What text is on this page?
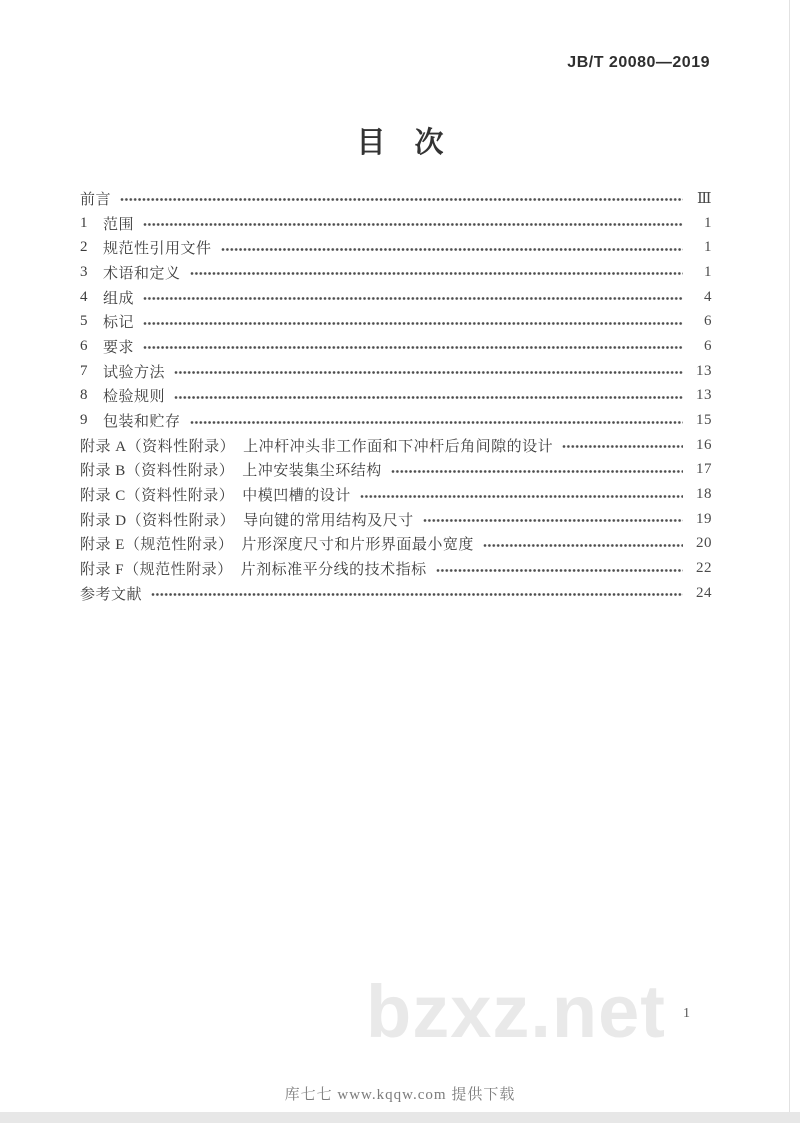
JB/T 20080—2019
目　次
前言	Ⅲ
1	范围	1
2	规范性引用文件	1
3	术语和定义	1
4	组成	4
5	标记	6
6	要求	6
7	试验方法	13
8	检验规则	13
9	包装和贮存	15
附录 A（资料性附录）　上冲杆冲头非工作面和下冲杆后角间隙的设计	16
附录 B（资料性附录）　上冲安装集尘环结构	17
附录 C（资料性附录）　中模凹槽的设计	18
附录 D（资料性附录）　导向键的常用结构及尺寸	19
附录 E（规范性附录）　片形深度尺寸和片形界面最小宽度	20
附录 F（规范性附录）　片剂标准平分线的技术指标	22
参考文献	24
bzxz.net 1
库七七 www.kqqw.com 提供下载
